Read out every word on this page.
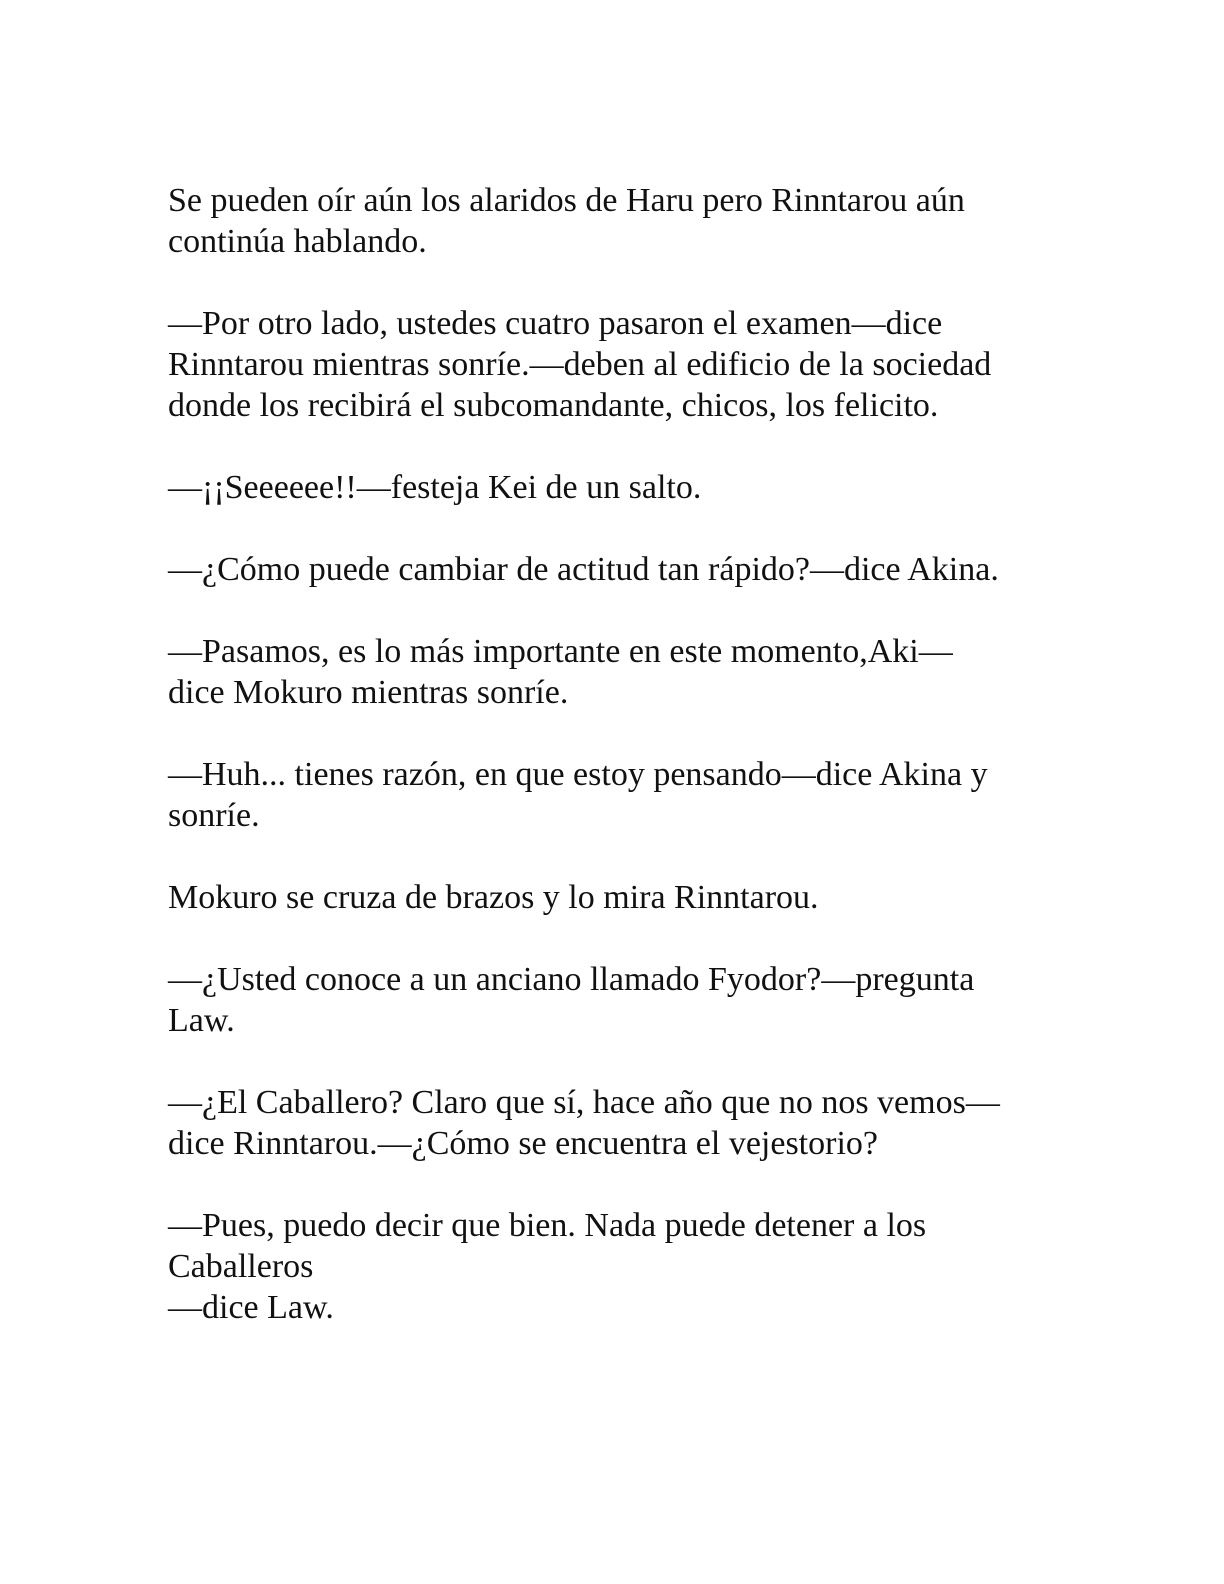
Se pueden oír aún los alaridos de Haru pero Rinntarou aún
continúa hablando.

—Por otro lado, ustedes cuatro pasaron el examen—dice
Rinntarou mientras sonríe.—deben al edificio de la sociedad
donde los recibirá el subcomandante, chicos, los felicito.

—¡¡Seeeeee!!—festeja Kei de un salto.

—¿Cómo puede cambiar de actitud tan rápido?—dice Akina.

—Pasamos, es lo más importante en este momento,Aki—
dice Mokuro mientras sonríe.

—Huh... tienes razón, en que estoy pensando—dice Akina y
sonríe.

Mokuro se cruza de brazos y lo mira Rinntarou.

—¿Usted conoce a un anciano llamado Fyodor?—pregunta
Law.

—¿El Caballero? Claro que sí, hace año que no nos vemos—
dice Rinntarou.—¿Cómo se encuentra el vejestorio?

—Pues, puedo decir que bien. Nada puede detener a los
Caballeros
—dice Law.
